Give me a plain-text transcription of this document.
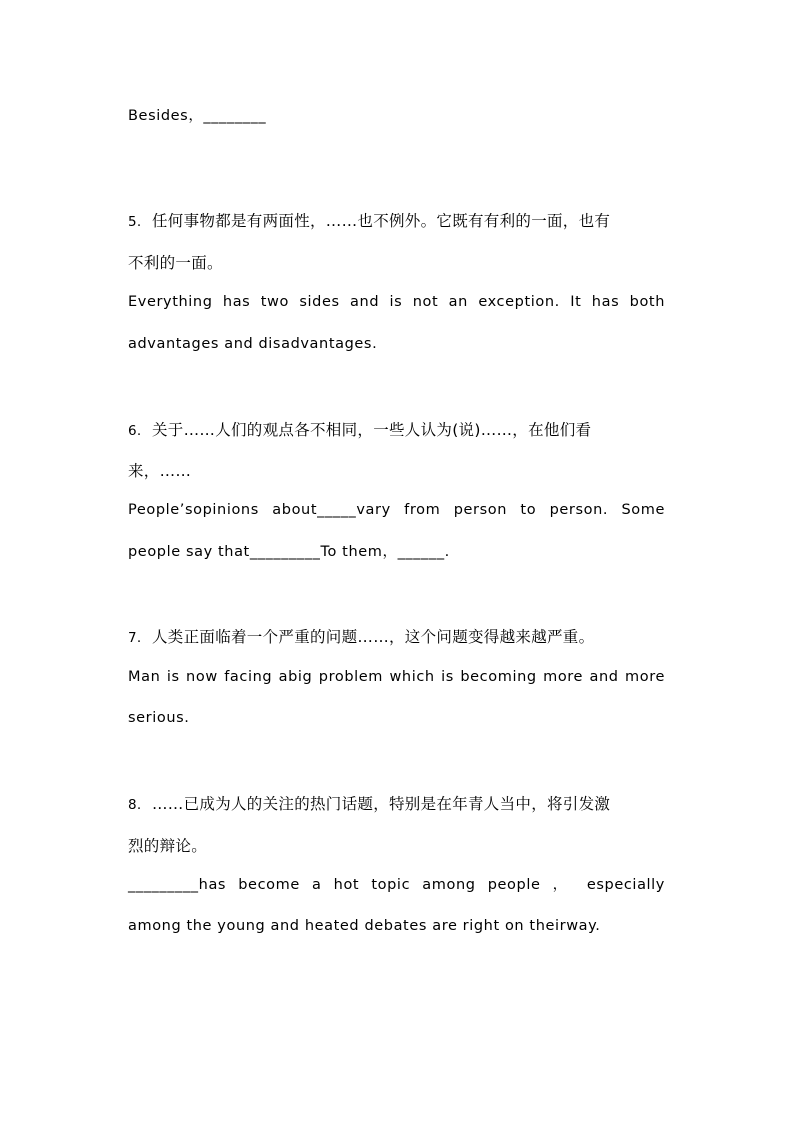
Besides，________
5. 任何事物都是有两面性，……也不例外。它既有有利的一面，也有
不利的一面。
Everything has two sides and is not an exception. It has both
advantages and disadvantages.
6. 关于……人们的观点各不相同，一些人认为(说)……，在他们看
来，……
People’sopinions about_____vary from person to person. Some
people say that_________To them，______.
7. 人类正面临着一个严重的问题……，这个问题变得越来越严重。
Man is now facing abig problem which is becoming more and more
serious.
8. ……已成为人的关注的热门话题，特别是在年青人当中，将引发激
烈的辩论。
_________has become a hot topic among people ， especially
among the young and heated debates are right on theirway.
